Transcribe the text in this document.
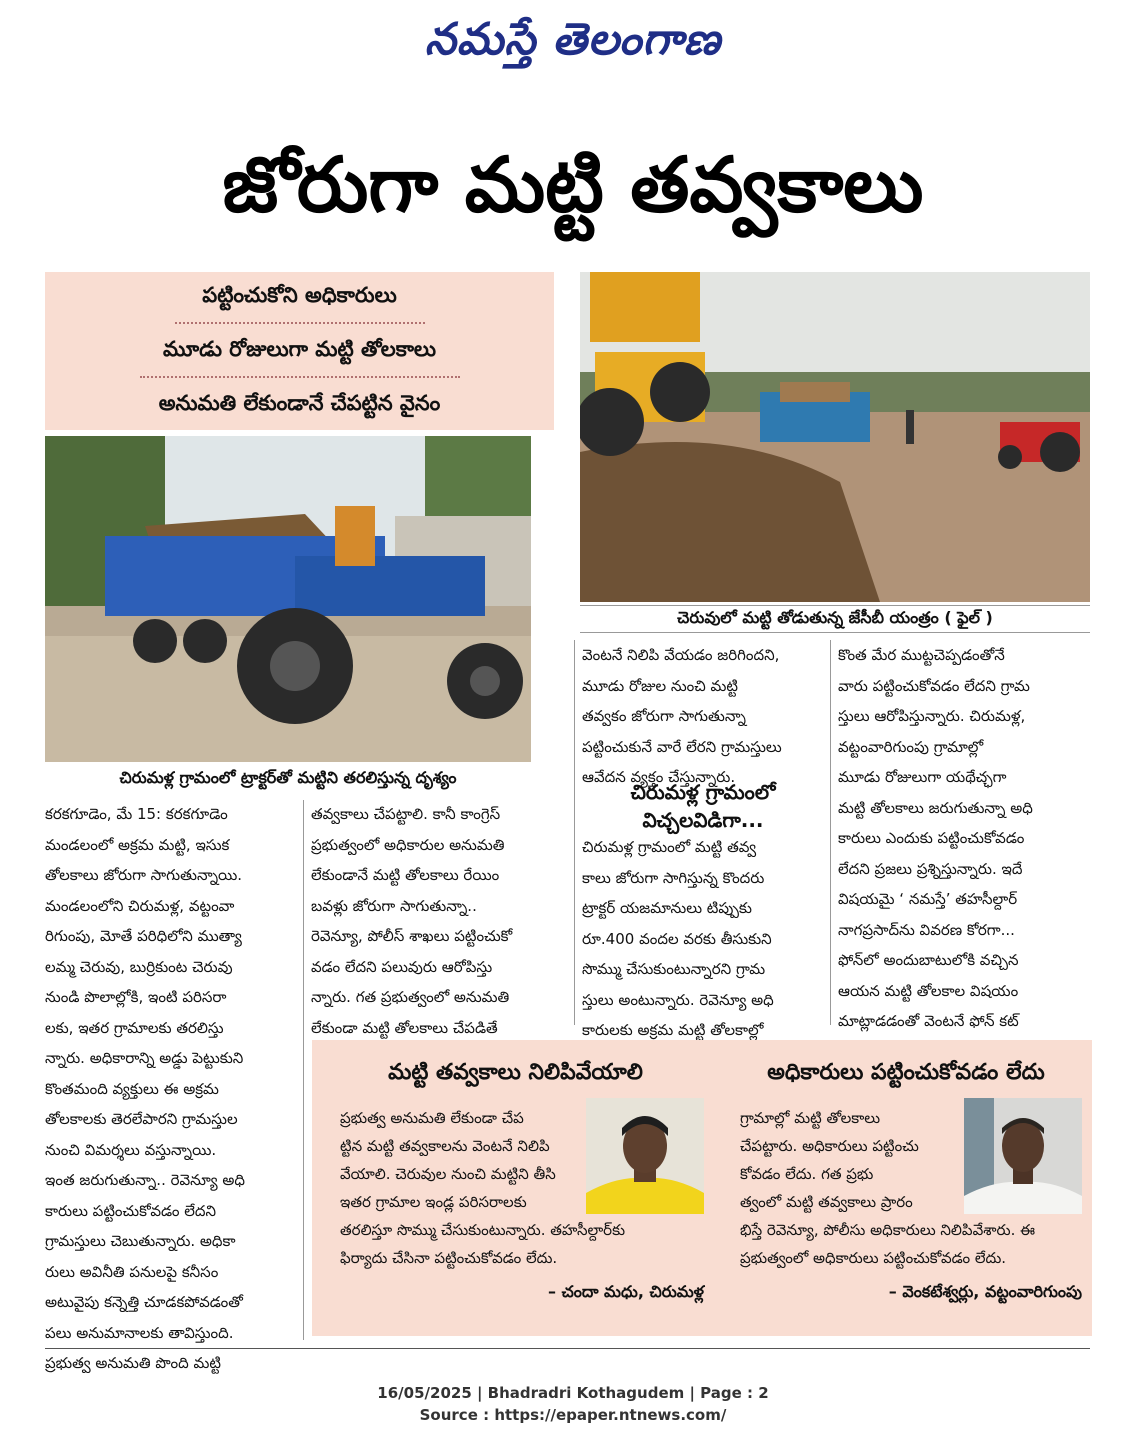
నమస్తే తెలంగాణ
జోరుగా మట్టి తవ్వకాలు
పట్టించుకోని అధికారులు
మూడు రోజులుగా మట్టి తోలకాలు
అనుమతి లేకుండానే చేపట్టిన వైనం
చిరుమళ్ల గ్రామంలో ట్రాక్టర్‌తో మట్టిని తరలిస్తున్న దృశ్యం
చెరువులో మట్టి తోడుతున్న జేసీబీ యంత్రం ( ఫైల్ )

కరకగూడెం, మే 15: కరకగూడెం

మండలంలో అక్రమ మట్టి, ఇసుక

తోలకాలు జోరుగా సాగుతున్నాయి.

మండలంలోని చిరుమళ్ల, వట్టంవా

రిగుంపు, మోతే పరిధిలోని ముత్యా

లమ్మ చెరువు, బుర్రికుంట చెరువు

నుండి పొలాల్లోకి, ఇంటి పరిసరా

లకు, ఇతర గ్రామాలకు తరలిస్తు

న్నారు. అధికారాన్ని అడ్డు పెట్టుకుని

కొంతమంది వ్యక్తులు ఈ అక్రమ

తోలకాలకు తెరలేపారని గ్రామస్తుల

నుంచి విమర్శలు వస్తున్నాయి.

ఇంత జరుగుతున్నా.. రెవెన్యూ అధి

కారులు పట్టించుకోవడం లేదని

గ్రామస్తులు చెబుతున్నారు. అధికా

రులు అవినీతి పనులపై కనీసం

అటువైపు కన్నెత్తి చూడకపోవడంతో

పలు అనుమానాలకు తావిస్తుంది.

ప్రభుత్వ అనుమతి పొంది మట్టి

తవ్వకాలు చేపట్టాలి. కానీ కాంగ్రెస్

ప్రభుత్వంలో అధికారుల అనుమతి

లేకుండానే మట్టి తోలకాలు రేయిం

బవళ్లు జోరుగా సాగుతున్నా..

రెవెన్యూ, పోలీస్ శాఖలు పట్టించుకో

వడం లేదని పలువురు ఆరోపిస్తు

న్నారు. గత ప్రభుత్వంలో అనుమతి

లేకుండా మట్టి తోలకాలు చేపడితే

వెంటనే నిలిపి వేయడం జరిగిందని,

మూడు రోజుల నుంచి మట్టి

తవ్వకం జోరుగా సాగుతున్నా

పట్టించుకునే వారే లేరని గ్రామస్తులు

ఆవేదన వ్యక్తం చేస్తున్నారు.

చిరుమళ్ల గ్రామంలో
విచ్చలవిడిగా...

చిరుమళ్ల గ్రామంలో మట్టి తవ్వ

కాలు జోరుగా సాగిస్తున్న కొందరు

ట్రాక్టర్ యజమానులు టిప్పుకు

రూ.400 వందల వరకు తీసుకుని

సొమ్ము చేసుకుంటున్నారని గ్రామ

స్తులు అంటున్నారు. రెవెన్యూ అధి

కారులకు అక్రమ మట్టి తోలకాల్లో

కొంత మేర ముట్టచెప్పడంతోనే

వారు పట్టించుకోవడం లేదని గ్రామ

స్తులు ఆరోపిస్తున్నారు. చిరుమళ్ల,

వట్టంవారిగుంపు గ్రామాల్లో

మూడు రోజులుగా యథేచ్ఛగా

మట్టి తోలకాలు జరుగుతున్నా అధి

కారులు ఎందుకు పట్టించుకోవడం

లేదని ప్రజలు ప్రశ్నిస్తున్నారు. ఇదే

విషయమై ‘ నమస్తే’ తహసీల్దార్

నాగప్రసాద్‌ను వివరణ కోరగా...

ఫోన్‌లో అందుబాటులోకి వచ్చిన

ఆయన మట్టి తోలకాల విషయం

మాట్లాడడంతో వెంటనే ఫోన్ కట్

మట్టి తవ్వకాలు నిలిపివేయాలి
ప్రభుత్వ అనుమతి లేకుండా చేప
ట్టిన మట్టి తవ్వకాలను వెంటనే నిలిపి
వేయాలి. చెరువుల నుంచి మట్టిని తీసి
ఇతర గ్రామాల ఇండ్ల పరిసరాలకు
తరలిస్తూ సొమ్ము చేసుకుంటున్నారు. తహసీల్దార్‌కు
ఫిర్యాదు చేసినా పట్టించుకోవడం లేదు.
– చందా మధు, చిరుమళ్ల
అధికారులు పట్టించుకోవడం లేదు
గ్రామాల్లో మట్టి తోలకాలు
చేపట్టారు. అధికారులు పట్టించు
కోవడం లేదు. గత ప్రభు
త్వంలో మట్టి తవ్వకాలు ప్రారం
భిస్తే రెవెన్యూ, పోలీసు అధికారులు నిలిపివేశారు. ఈ
ప్రభుత్వంలో అధికారులు పట్టించుకోవడం లేదు.
– వెంకటేశ్వర్లు, వట్టంవారిగుంపు
16/05/2025 | Bhadradri Kothagudem | Page : 2
Source : https://epaper.ntnews.com/
